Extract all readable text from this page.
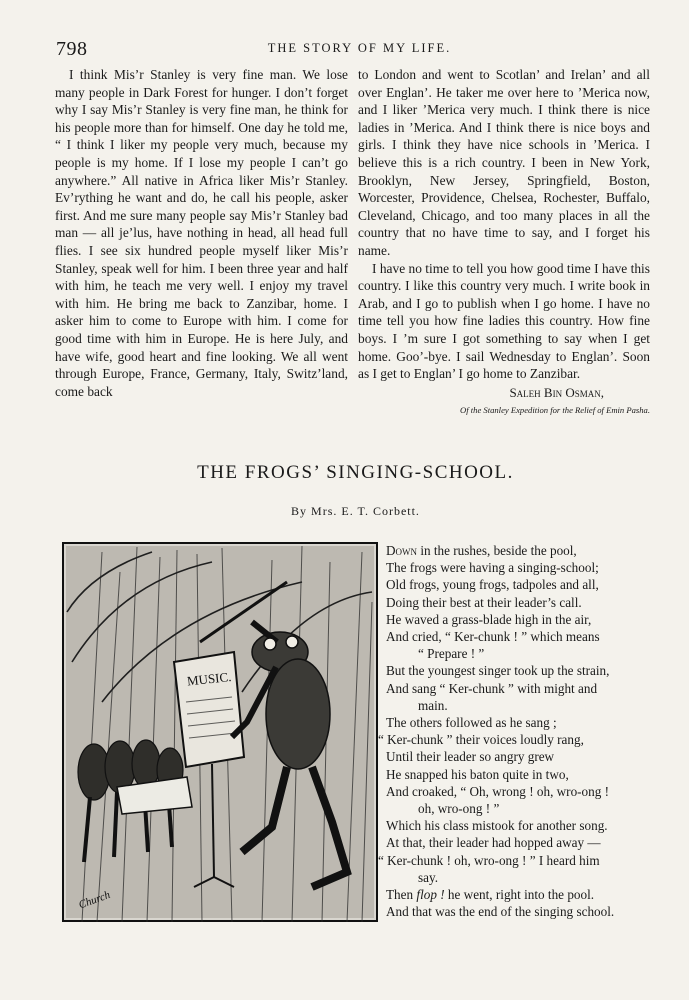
798	THE STORY OF MY LIFE.

I think Mis’r Stanley is very fine man. We lose many people in Dark Forest for hunger. I don’t forget why I say Mis’r Stanley is very fine man, he think for his people more than for himself. One day he told me, “ I think I liker my people very much, because my people is my home. If I lose my people I can’t go anywhere.” All native in Africa liker Mis’r Stanley. Ev’rything he want and do, he call his people, asker first. And me sure many people say Mis’r Stanley bad man — all je’lus, have nothing in head, all head full flies. I see six hundred people myself liker Mis’r Stanley, speak well for him. I been three year and half with him, he teach me very well. I enjoy my travel with him. He bring me back to Zanzibar, home. I asker him to come to Europe with him. I come for good time with him in Europe. He is here July, and have wife, good heart and fine looking. We all went through Europe, France, Germany, Italy, Switz’land, come back

to London and went to Scotlan’ and Irelan’ and all over Englan’. He taker me over here to ’Merica now, and I liker ’Merica very much. I think there is nice ladies in ’Merica. And I think there is nice boys and girls. I think they have nice schools in ’Merica. I believe this is a rich country. I been in New York, Brooklyn, New Jersey, Springfield, Boston, Worcester, Providence, Chelsea, Rochester, Buffalo, Cleveland, Chicago, and too many places in all the country that no have time to say, and I forget his name.

I have no time to tell you how good time I have this country. I like this country very much. I write book in Arab, and I go to publish when I go home. I have no time tell you how fine ladies this country. How fine boys. I ’m sure I got something to say when I get home. Goo’-bye. I sail Wednesday to Englan’. Soon as I get to Englan’ I go home to Zanzibar.

Saleh Bin Osman,
Of the Stanley Expedition for the Relief of Emin Pasha.
THE FROGS’ SINGING-SCHOOL.
By Mrs. E. T. Corbett.
MUSIC.
Church
Down in the rushes, beside the pool,
The frogs were having a singing-school;
Old frogs, young frogs, tadpoles and all,
Doing their best at their leader’s call.
He waved a grass-blade high in the air,
And cried, “ Ker-chunk ! ” which means
“ Prepare ! ”
But the youngest singer took up the strain,
And sang “ Ker-chunk ” with might and
main.
The others followed as he sang ;
“ Ker-chunk ” their voices loudly rang,
Until their leader so angry grew
He snapped his baton quite in two,
And croaked, “ Oh, wrong ! oh, wro-ong !
oh, wro-ong ! ”
Which his class mistook for another song.
At that, their leader had hopped away —
“ Ker-chunk ! oh, wro-ong ! ” I heard him
say.
Then flop ! he went, right into the pool.
And that was the end of the singing school.
